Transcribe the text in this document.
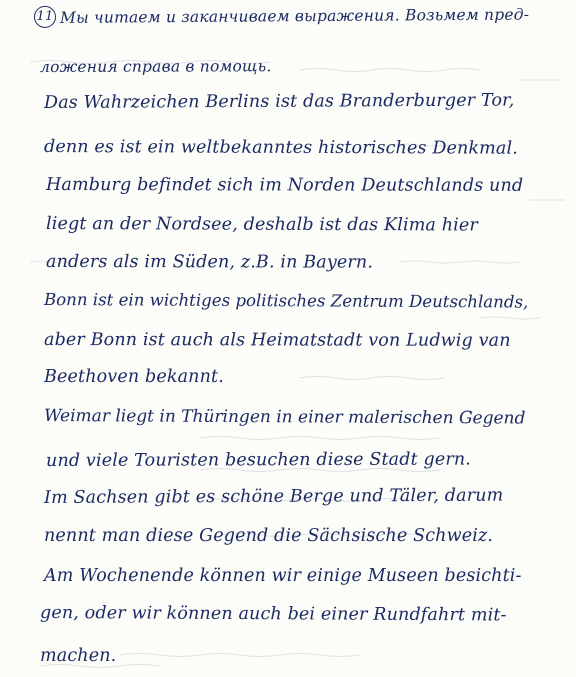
11 Мы читаем и заканчиваем выражения. Возьмем пред-
ложения справа в помощь.
Das Wahrzeichen Berlins ist das Branderburger Tor,
denn es ist ein weltbekanntes historisches Denkmal.
Hamburg befindet sich im Norden Deutschlands und
liegt an der Nordsee, deshalb ist das Klima hier
anders als im Süden, z.B. in Bayern.
Bonn ist ein wichtiges politisches Zentrum Deutschlands,
aber Bonn ist auch als Heimatstadt von Ludwig van
Beethoven bekannt.
Weimar liegt in Thüringen in einer malerischen Gegend
und viele Touristen besuchen diese Stadt gern.
Im Sachsen gibt es schöne Berge und Täler, darum
nennt man diese Gegend die Sächsische Schweiz.
Am Wochenende können wir einige Museen besichti-
gen, oder wir können auch bei einer Rundfahrt mit-
machen.
